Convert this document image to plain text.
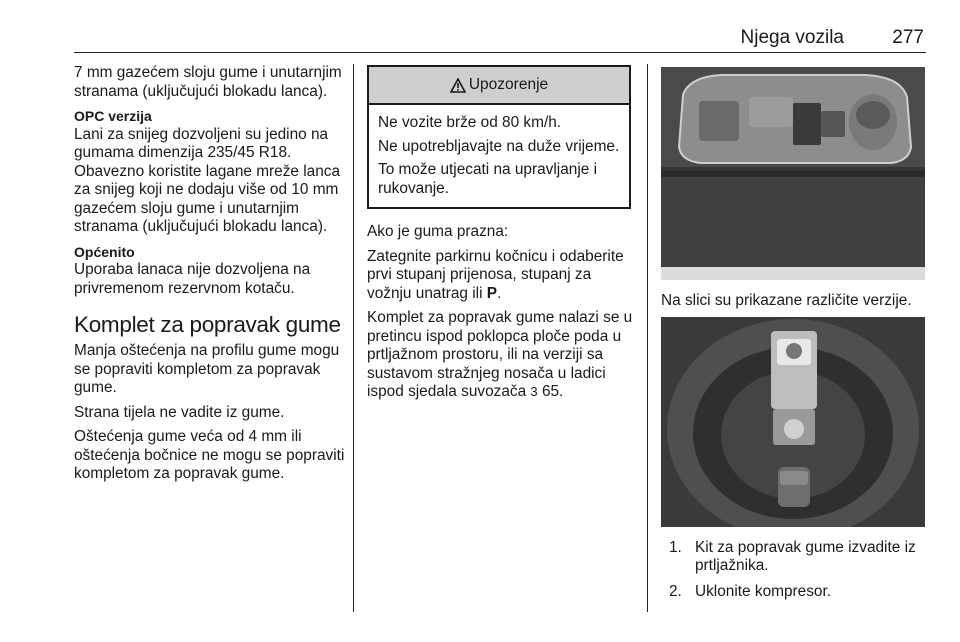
Njega vozila	277

7 mm gazećem sloju gume i unutarnjim stranama (uključujući blokadu lanca).

OPC verzija

Lani za snijeg dozvoljeni su jedino na gumama dimenzija 235/45 R18. Obavezno koristite lagane mreže lanca za snijeg koji ne dodaju više od 10 mm gazećem sloju gume i unutarnjim stranama (uključujući blokadu lanca).

Općenito

Uporaba lanaca nije dozvoljena na privremenom rezervnom kotaču.

Komplet za popravak gume

Manja oštećenja na profilu gume mogu se popraviti kompletom za popravak gume.

Strana tijela ne vadite iz gume.

Oštećenja gume veća od 4 mm ili oštećenja bočnice ne mogu se popraviti kompletom za popravak gume.

Upozorenje

Ne vozite brže od 80 km/h.

Ne upotrebljavajte na duže vrijeme.

To može utjecati na upravljanje i rukovanje.

Ako je guma prazna:

Zategnite parkirnu kočnicu i odaberite prvi stupanj prijenosa, stupanj za vožnju unatrag ili P.

Komplet za popravak gume nalazi se u pretincu ispod poklopca ploče poda u prtljažnom prostoru, ili na verziji sa sustavom stražnjeg nosača u ladici ispod sjedala suvozača 3 65.

Na slici su prikazane različite verzije.

1. Kit za popravak gume izvadite iz prtljažnika.
2. Uklonite kompresor.
